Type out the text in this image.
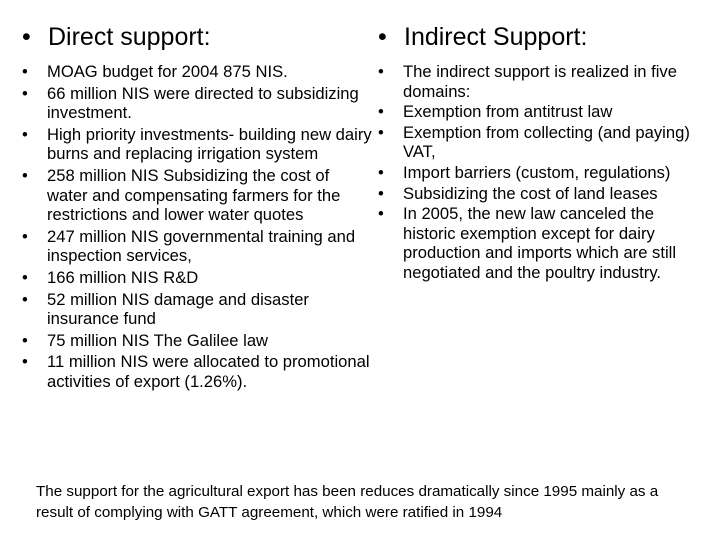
• Direct support:
• MOAG budget for 2004 875 NIS.
• 66 million NIS were directed to subsidizing investment.
• High priority investments- building new dairy burns and replacing irrigation system
• 258 million NIS Subsidizing the cost of water and compensating farmers for the restrictions and lower water quotes
• 247 million NIS governmental training and inspection services,
• 166 million NIS R&D
• 52 million NIS damage and disaster insurance fund
• 75 million NIS The Galilee law
• 11 million NIS were allocated to promotional activities of export (1.26%).
• Indirect Support:
• The indirect support is realized in five domains:
• Exemption from antitrust law
• Exemption from collecting (and paying) VAT,
• Import barriers (custom, regulations)
• Subsidizing the cost of land leases
• In 2005, the new law canceled the historic exemption except for dairy production and imports which are still negotiated and the poultry industry.
The support for the agricultural export has been reduces dramatically since 1995 mainly as a result of complying with GATT agreement, which were ratified in 1994
